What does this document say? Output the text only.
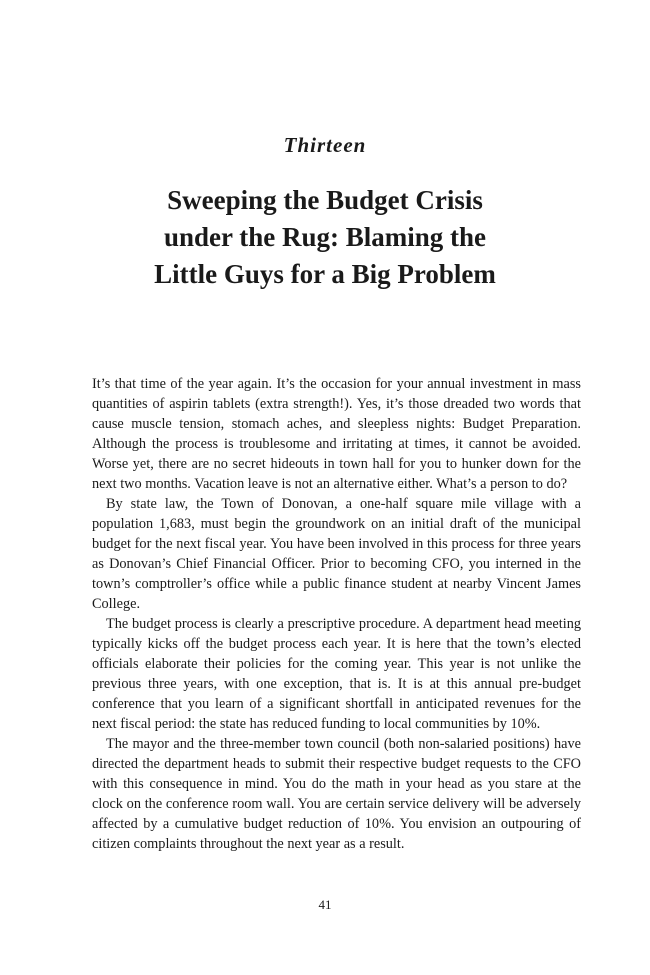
Thirteen
Sweeping the Budget Crisis
under the Rug: Blaming the
Little Guys for a Big Problem

It’s that time of the year again. It’s the occasion for your annual investment in mass quantities of aspirin tablets (extra strength!). Yes, it’s those dreaded two words that cause muscle tension, stomach aches, and sleepless nights: Budget Preparation. Although the process is troublesome and irritating at times, it cannot be avoided. Worse yet, there are no secret hideouts in town hall for you to hunker down for the next two months. Vacation leave is not an alternative either. What’s a person to do?

By state law, the Town of Donovan, a one-half square mile village with a population 1,683, must begin the groundwork on an initial draft of the municipal budget for the next fiscal year. You have been involved in this process for three years as Donovan’s Chief Financial Officer. Prior to becoming CFO, you interned in the town’s comptroller’s office while a public finance student at nearby Vincent James College.

The budget process is clearly a prescriptive procedure. A department head meeting typically kicks off the budget process each year. It is here that the town’s elected officials elaborate their policies for the coming year. This year is not unlike the previous three years, with one exception, that is. It is at this annual pre-budget conference that you learn of a significant shortfall in anticipated revenues for the next fiscal period: the state has reduced funding to local communities by 10%.

The mayor and the three-member town council (both non-salaried positions) have directed the department heads to submit their respective budget requests to the CFO with this consequence in mind. You do the math in your head as you stare at the clock on the conference room wall. You are certain service delivery will be adversely affected by a cumulative budget reduction of 10%. You envision an outpouring of citizen complaints throughout the next year as a result.

41
